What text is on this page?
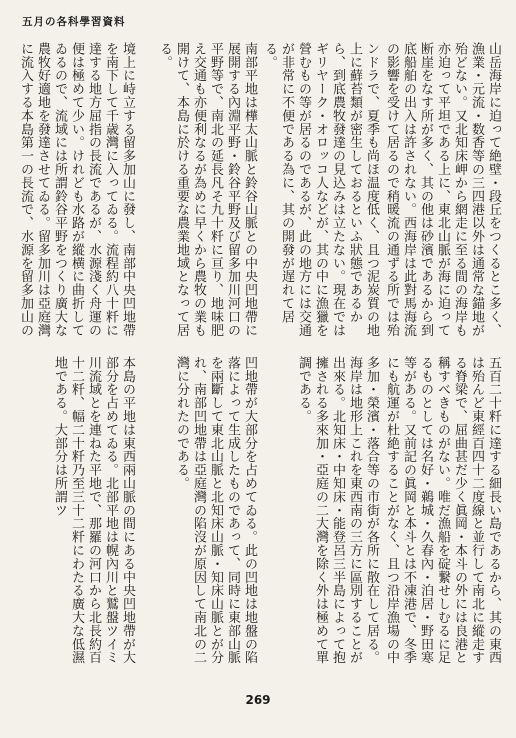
五月の各科學習資料
境上に峙立する留多加山に發し、南部中央凹地帶を南下して千歳灣に入ってゐる。流程約八十粁に達する地方屈指の長流であるが、水源淺く舟運の便は極めて少い。けれども水路が縱横に曲折してゐるので、流域には所謂鈴谷平野をつくり廣大な農牧好適地を發達させてゐる。留多加川は亞庭灣に流入する本島第一の長流で、水源を留多加山の	南部平地は樺太山脈と鈴谷山脈との中央凹地帶に展開する內淵平野・鈴谷平野及び留多加川河口の平野等で、南北の延長凡そ九十粁に亘り、地味肥え交通も亦便利なるが為めに早くから農牧の業も開けて、本島に於ける重要な農業地域となって居る。	ンドラで、夏季も尚ほ温度低く、且つ泥炭質の地上に蘚苔類が密生しておるといふ狀態であるから、到底農牧發達の見込みは立たない。現在ではギリヤーク・オロッコ人などが、其の中に漁獵を營むもの等が居るのであるが、此の地方には交通が非常に不便である為に、其の開發が遅れて居る。	山岳海岸に迫って絶壁・段丘をつくるとこ多く、漁業・元流・数香等の三四港以外は通常な錨地が殆どない。又北知床岬から網走に至る間の海岸も亦迫って平坦である上に、東北山脈が海に迫って断崖をなす所が多く、其の他は砂濱であるから到底船舶の出入は許されない。西海岸は此對馬海流の影響を受けて居るので稍暖流の通ずる所では殆
本島の平地は東西兩山脈の間にある中央凹地帶が大部分を占めてゐる。北部平地は幌內川と鷲盤ツイミ川流域とを連ねた平地で、那羅の河口から北長約百十二粁、幅二十粁乃至三十二粁にわたる廣大な低濕地である。大部分は所謂ツ	凹地帶が大部分を占めてゐる。此の凹地は地盤の陷落によって生成したものであって、同時に東部山脈を兩斷して東北山脈と北知床山脈・知床山脈とが分れ、南部凹地帶は亞庭灣の陷沒が原因して南北の二灣に分れたのである。	多加・榮濱・落合等の市街が各所に散在して居る。海岸は地形上これを東西南の三方に區別することが出來る。北知床・中知床・能登呂三半島によって抱擁される多來加・亞庭の二大灣を除く外は極めて單調である。	五百二十粁に達する細長い島であるから、其の東西は殆んど東經百四十二度線と並行して南北に縱走する脊梁で、屈曲甚だ少く眞岡・本斗の外には良港と稱すべきものがない。唯だ漁船を碇繋せしむるに足るものとしては名好・鵜城・久春內・泊居・野田寒等がある。又前記の眞岡と本斗とは不凍港で、冬季にも航運が杜絶することがなく、且つ沿岸漁場の中
269
